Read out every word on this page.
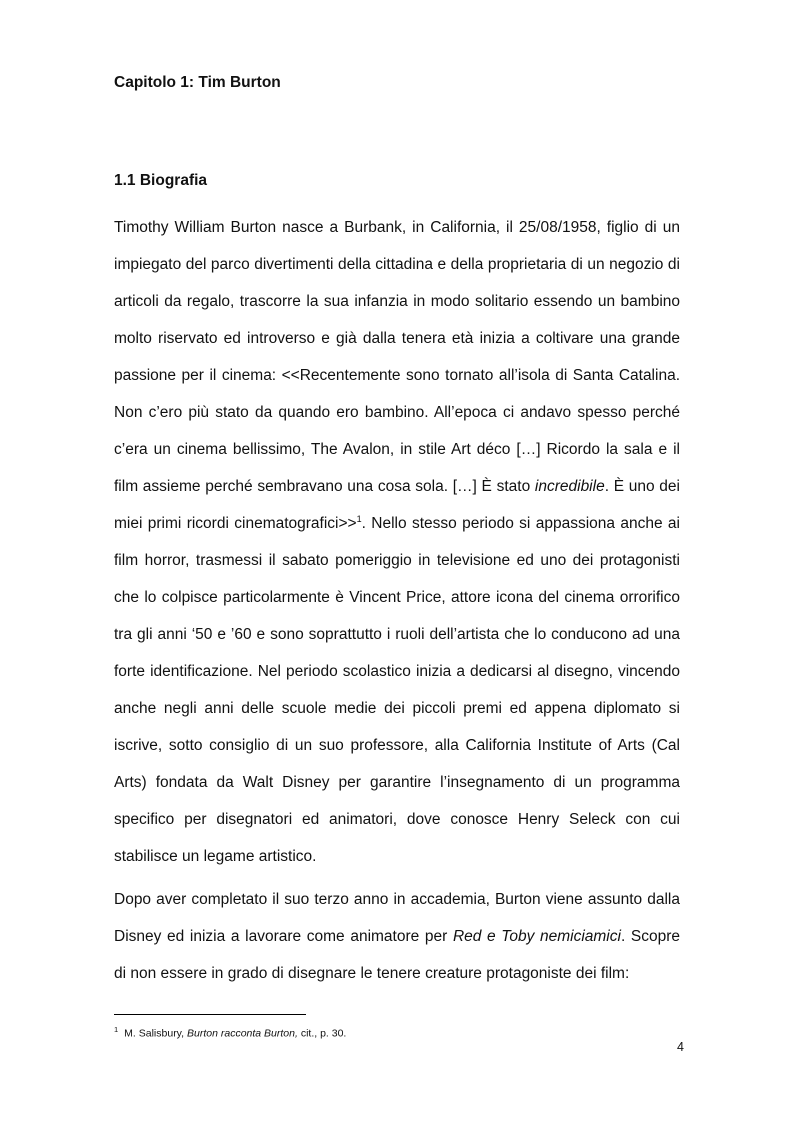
Capitolo 1: Tim Burton

1.1 Biografia

Timothy William Burton nasce a Burbank, in California, il 25/08/1958, figlio di un impiegato del parco divertimenti della cittadina e della proprietaria di un negozio di articoli da regalo, trascorre la sua infanzia in modo solitario essendo un bambino molto riservato ed introverso e già dalla tenera età inizia a coltivare una grande passione per il cinema: <<Recentemente sono tornato all’isola di Santa Catalina. Non c’ero più stato da quando ero bambino. All’epoca ci andavo spesso perché c’era un cinema bellissimo, The Avalon, in stile Art déco […] Ricordo la sala e il film assieme perché sembravano una cosa sola. […] È stato incredibile. È uno dei miei primi ricordi cinematografici>>$^1$. Nello stesso periodo si appassiona anche ai film horror, trasmessi il sabato pomeriggio in televisione ed uno dei protagonisti che lo colpisce particolarmente è Vincent Price, attore icona del cinema orrorifico tra gli anni ‘50 e ’60 e sono soprattutto i ruoli dell’artista che lo conducono ad una forte identificazione. Nel periodo scolastico inizia a dedicarsi al disegno, vincendo anche negli anni delle scuole medie dei piccoli premi ed appena diplomato si iscrive, sotto consiglio di un suo professore, alla California Institute of Arts (Cal Arts) fondata da Walt Disney per garantire l’insegnamento di un programma specifico per disegnatori ed animatori, dove conosce Henry Seleck con cui stabilisce un legame artistico.

Dopo aver completato il suo terzo anno in accademia, Burton viene assunto dalla Disney ed inizia a lavorare come animatore per Red e Toby nemiciamici. Scopre di non essere in grado di disegnare le tenere creature protagoniste dei film:

$^1$ M. Salisbury, Burton racconta Burton, cit., p. 30.

4
